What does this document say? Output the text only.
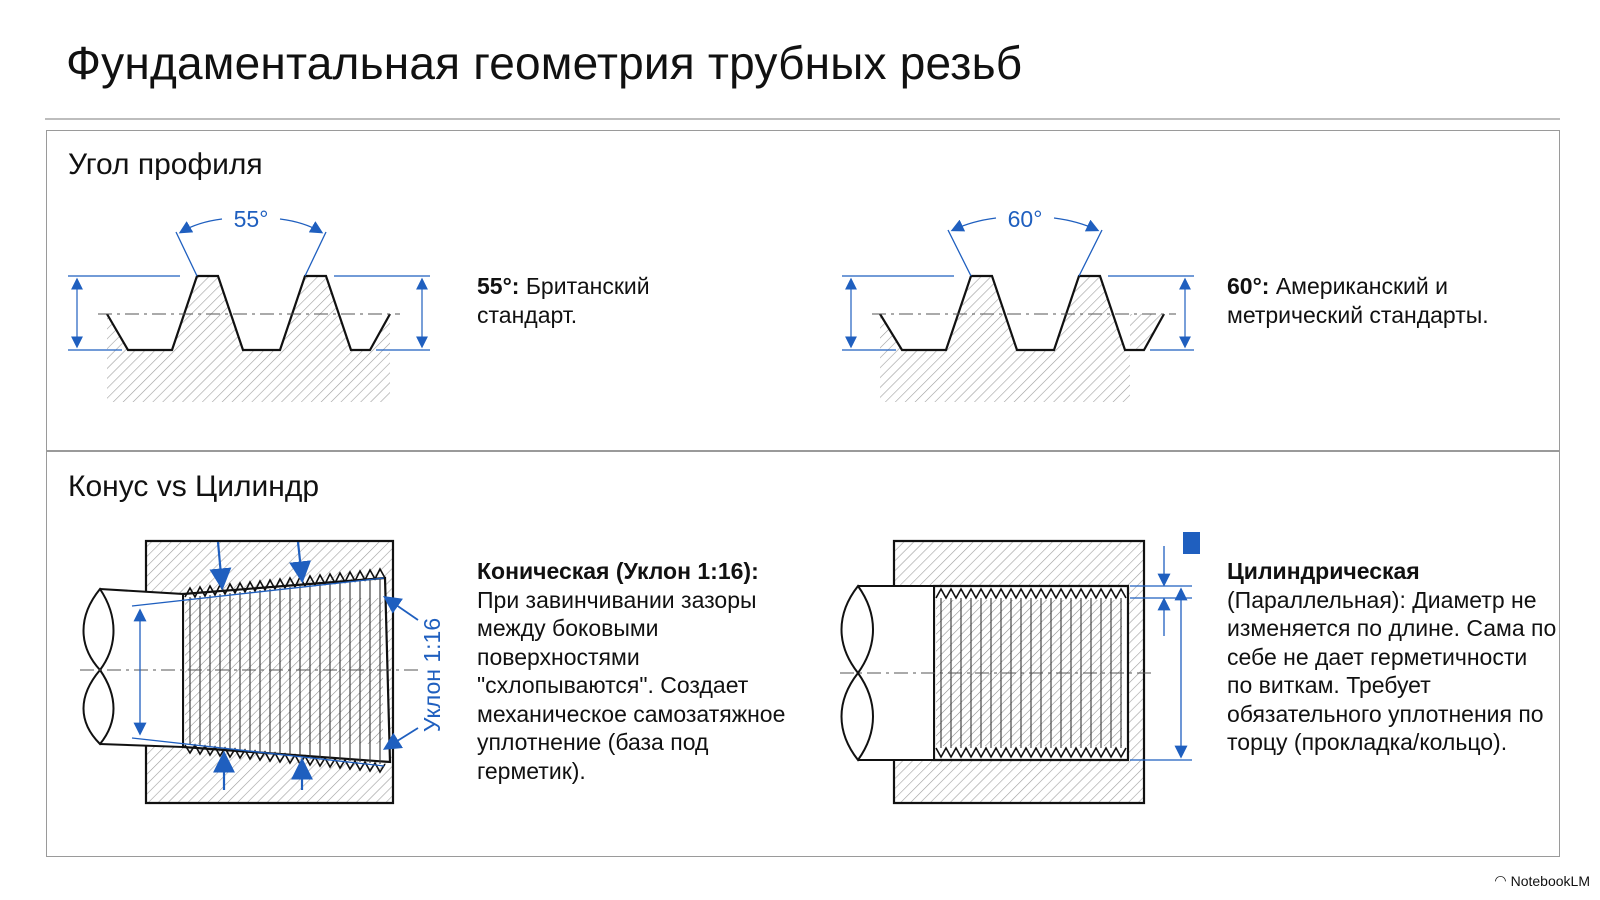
Фундаментальная геометрия трубных резьб
Угол профиля
Конус vs Цилиндр
55°	60°
Уклон 1:16
55°: Британский стандарт.
60°: Американский и метрический стандарты.
Коническая (Уклон 1:16): При завинчивании зазоры между боковыми поверхностями "схлопываются". Создает механическое самозатяжное уплотнение (база под герметик).
Цилиндрическая (Параллельная): Диаметр не изменяется по длине. Сама по себе не дает герметичности по виткам. Требует обязательного уплотнения по торцу (прокладка/кольцо).
◠ NotebookLM
